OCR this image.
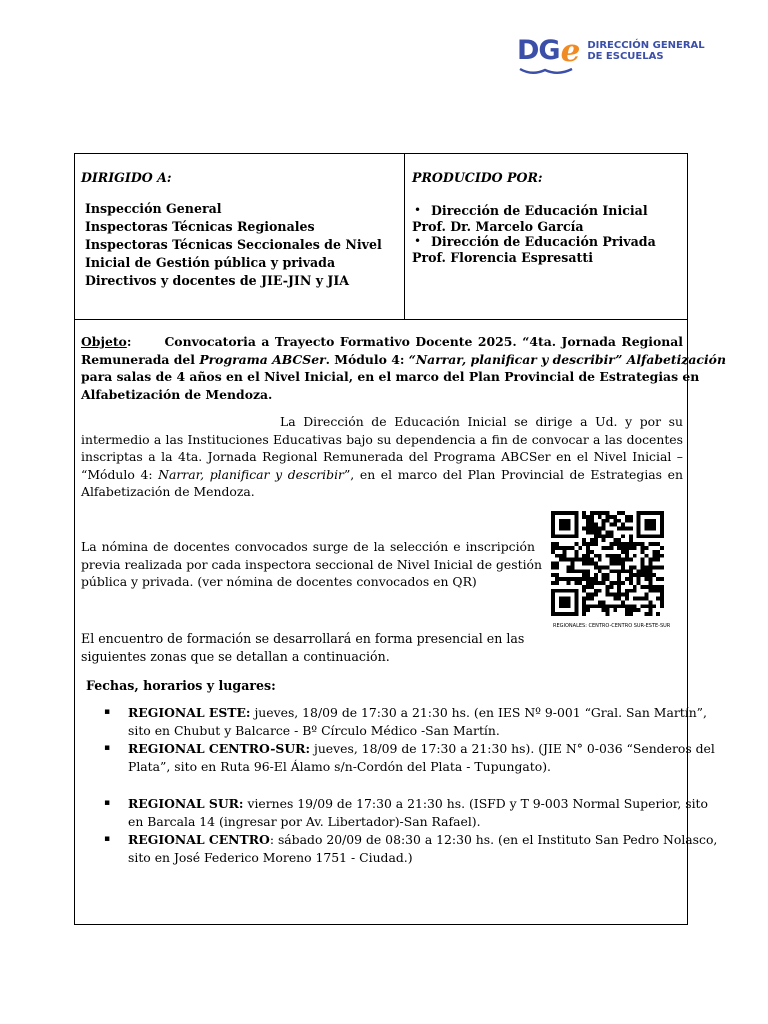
DG e DIRECCIÓN GENERAL
DE ESCUELAS
DIRIGIDO A:
Inspección General
Inspectoras Técnicas Regionales
Inspectoras Técnicas Seccionales de Nivel
Inicial de Gestión pública y privada
Directivos y docentes de JIE-JIN y JIA
PRODUCIDO POR:
• Dirección de Educación Inicial
Prof. Dr. Marcelo García
• Dirección de Educación Privada
Prof. Florencia Espresatti
Objeto:	Convocatoria a Trayecto Formativo Docente 2025. “4ta. Jornada Regional
Remunerada del Programa ABCSer. Módulo 4: “Narrar, planificar y describir” Alfabetización
para salas de 4 años en el Nivel Inicial, en el marco del Plan Provincial de Estrategias en
Alfabetización de Mendoza.
La Dirección de Educación Inicial se dirige a Ud. y por su
intermedio a las Instituciones Educativas bajo su dependencia a fin de convocar a las docentes
inscriptas a la 4ta. Jornada Regional Remunerada del Programa ABCSer en el Nivel Inicial –
“Módulo 4: Narrar, planificar y describir”, en el marco del Plan Provincial de Estrategias en
Alfabetización de Mendoza.
La nómina de docentes convocados surge de la selección e inscripción
previa realizada por cada inspectora seccional de Nivel Inicial de gestión
pública y privada. (ver nómina de docentes convocados en QR)
REGIONALES: CENTRO-CENTRO SUR-ESTE-SUR
El encuentro de formación se desarrollará en forma presencial en las
siguientes zonas que se detallan a continuación.
Fechas, horarios y lugares:
▪ REGIONAL ESTE: jueves, 18/09 de 17:30 a 21:30 hs. (en IES Nº 9-001 “Gral. San Martín”,
sito en Chubut y Balcarce - Bº Círculo Médico -San Martín.
▪ REGIONAL CENTRO-SUR: jueves, 18/09 de 17:30 a 21:30 hs). (JIE N° 0-036 “Senderos del
Plata”, sito en Ruta 96-El Álamo s/n-Cordón del Plata - Tupungato).
▪ REGIONAL SUR: viernes 19/09 de 17:30 a 21:30 hs. (ISFD y T 9-003 Normal Superior, sito
en Barcala 14 (ingresar por Av. Libertador)-San Rafael).
▪ REGIONAL CENTRO: sábado 20/09 de 08:30 a 12:30 hs. (en el Instituto San Pedro Nolasco,
sito en José Federico Moreno 1751 - Ciudad.)
